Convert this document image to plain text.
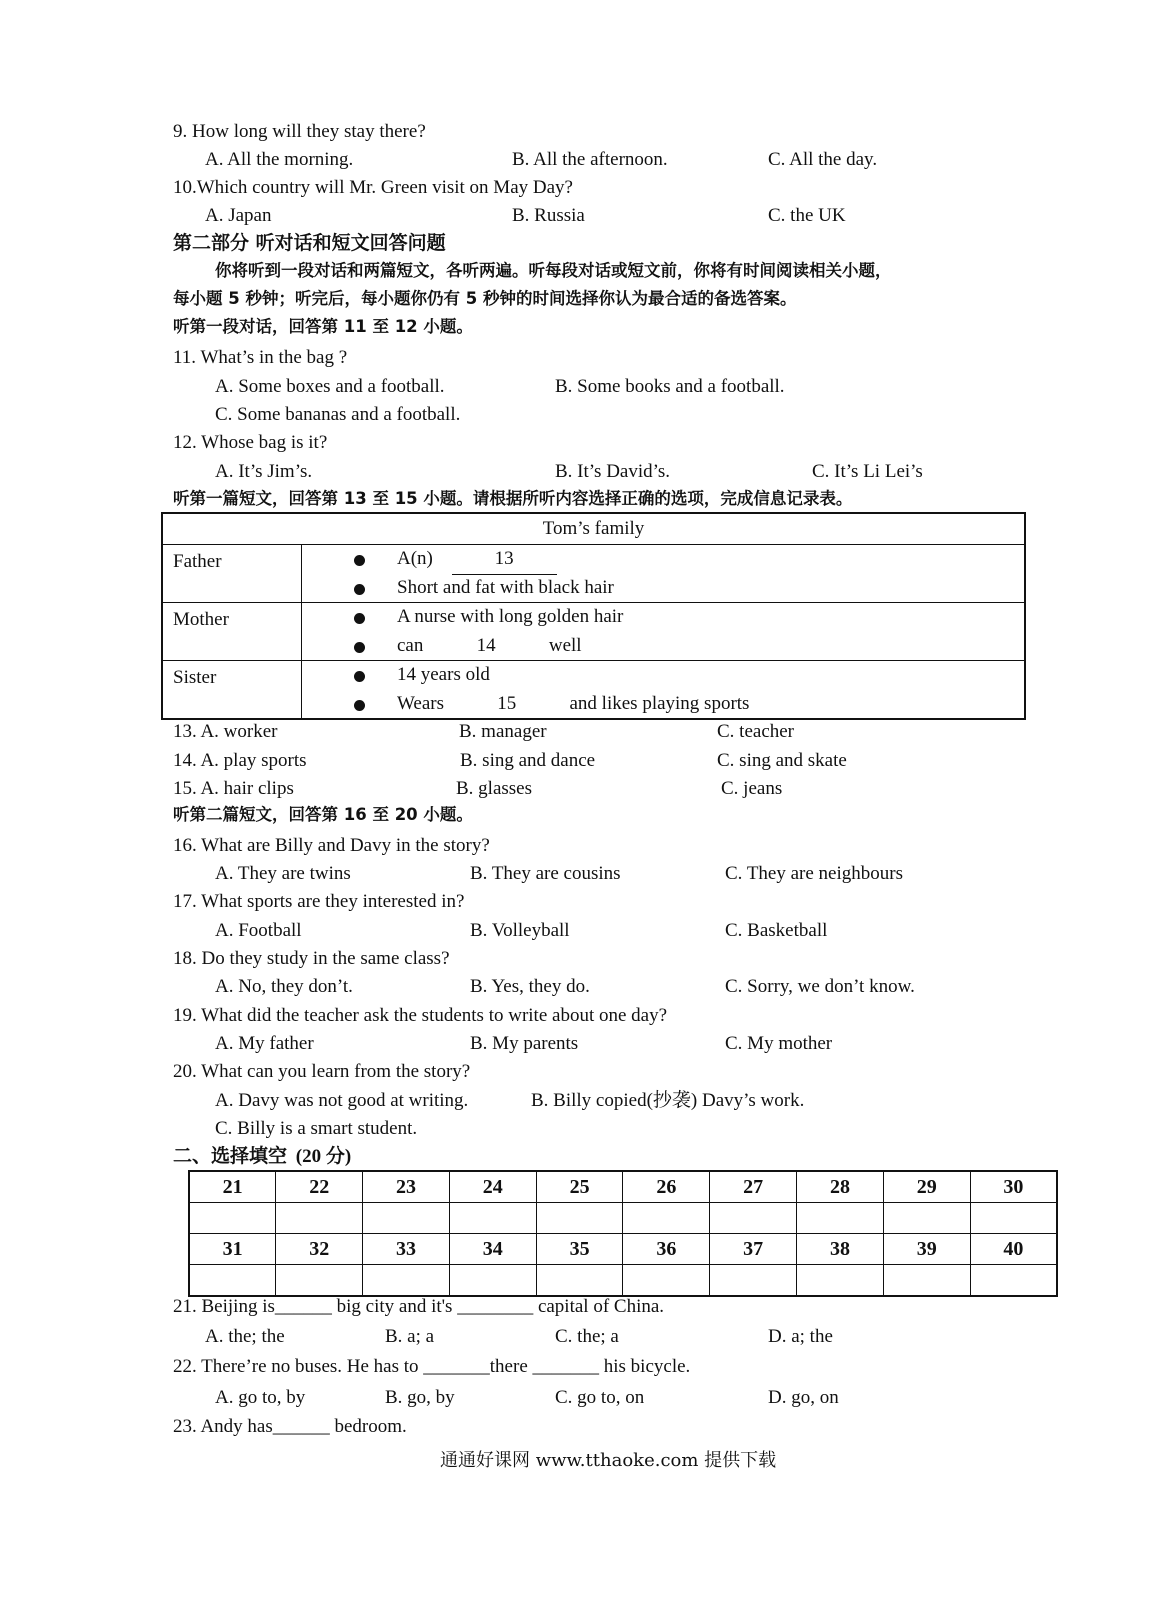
9. How long will they stay there?
A. All the morning.	B. All the afternoon.	C. All the day.
10.Which country will Mr. Green visit on May Day?
A. Japan	B. Russia	C. the UK
第二部分 听对话和短文回答问题
你将听到一段对话和两篇短文，各听两遍。听每段对话或短文前，你将有时间阅读相关小题，
每小题 5 秒钟；听完后，每小题你仍有 5 秒钟的时间选择你认为最合适的备选答案。
听第一段对话，回答第 11 至 12 小题。
11. What’s in the bag ?
A. Some boxes and a football.	B. Some books and a football.
C. Some bananas and a football.
12. Whose bag is it?
A. It’s Jim’s.	B. It’s David’s.	C. It’s Li Lei’s
听第一篇短文，回答第 13 至 15 小题。请根据所听内容选择正确的选项，完成信息记录表。
Tom’s family	
Father	A(n) 13
Short and fat with black hair

Mother	A nurse with long golden hair
can 14 well

Sister	14 years old
Wears 15 and likes playing sports
13. A. worker	B. manager	C. teacher
14. A. play sports	B. sing and dance	C. sing and skate
15. A. hair clips	B. glasses	C. jeans
听第二篇短文，回答第 16 至 20 小题。
16. What are Billy and Davy in the story?
A. They are twins	B. They are cousins	C. They are neighbours
17. What sports are they interested in?
A. Football	B. Volleyball	C. Basketball
18. Do they study in the same class?
A. No, they don’t.	B. Yes, they do.	C. Sorry, we don’t know.
19. What did the teacher ask the students to write about one day?
A. My father	B. My parents	C. My mother
20. What can you learn from the story?
A. Davy was not good at writing.	B. Billy copied(抄袭) Davy’s work.
C. Billy is a smart student.
二、选择填空 (20 分)
21	22	23	24	25	26	27	28	29	30

31	32	33	34	35	36	37	38	39	40

21. Beijing is______ big city and it's ________ capital of China.
A. the; the	B. a; a	C. the; a	D. a; the
22. There’re no buses. He has to _______there _______ his bicycle.
A. go to, by	B. go, by	C. go to, on	D. go, on
23. Andy has______ bedroom.
通通好课网 www.tthaoke.com 提供下载
